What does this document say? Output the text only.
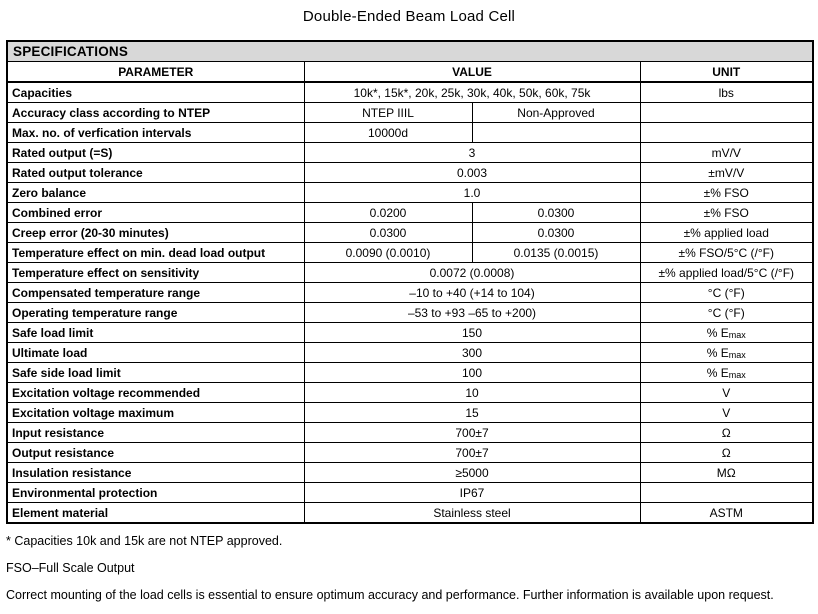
Double-Ended Beam Load Cell
SPECIFICATIONS			
PARAMETER	VALUE		UNIT
Capacities	10k*, 15k*, 20k, 25k, 30k, 40k, 50k, 60k, 75k		lbs
Accuracy class according to NTEP	NTEP IIIL	Non-Approved	
Max. no. of verfication intervals	10000d		
Rated output (=S)	3		mV/V
Rated output tolerance	0.003		±mV/V
Zero balance	1.0		±% FSO
Combined error	0.0200	0.0300	±% FSO
Creep error (20-30 minutes)	0.0300	0.0300	±% applied load
Temperature effect on min. dead load output	0.0090 (0.0010)	0.0135 (0.0015)	±% FSO/5°C (/°F)
Temperature effect on sensitivity	0.0072 (0.0008)		±% applied load/5°C (/°F)
Compensated temperature range	–10 to +40 (+14 to 104)		°C (°F)
Operating temperature range	–53 to +93 –65 to +200)		°C (°F)
Safe load limit	150		% Emax
Ultimate load	300		% Emax
Safe side load limit	100		% Emax
Excitation voltage recommended	10		V
Excitation voltage maximum	15		V
Input resistance	700±7		Ω
Output resistance	700±7		Ω
Insulation resistance	≥5000		MΩ
Environmental protection	IP67		
Element material	Stainless steel		ASTM

* Capacities 10k and 15k are not NTEP approved.

FSO–Full Scale Output

Correct mounting of the load cells is essential to ensure optimum accuracy and performance. Further information is available upon request.
